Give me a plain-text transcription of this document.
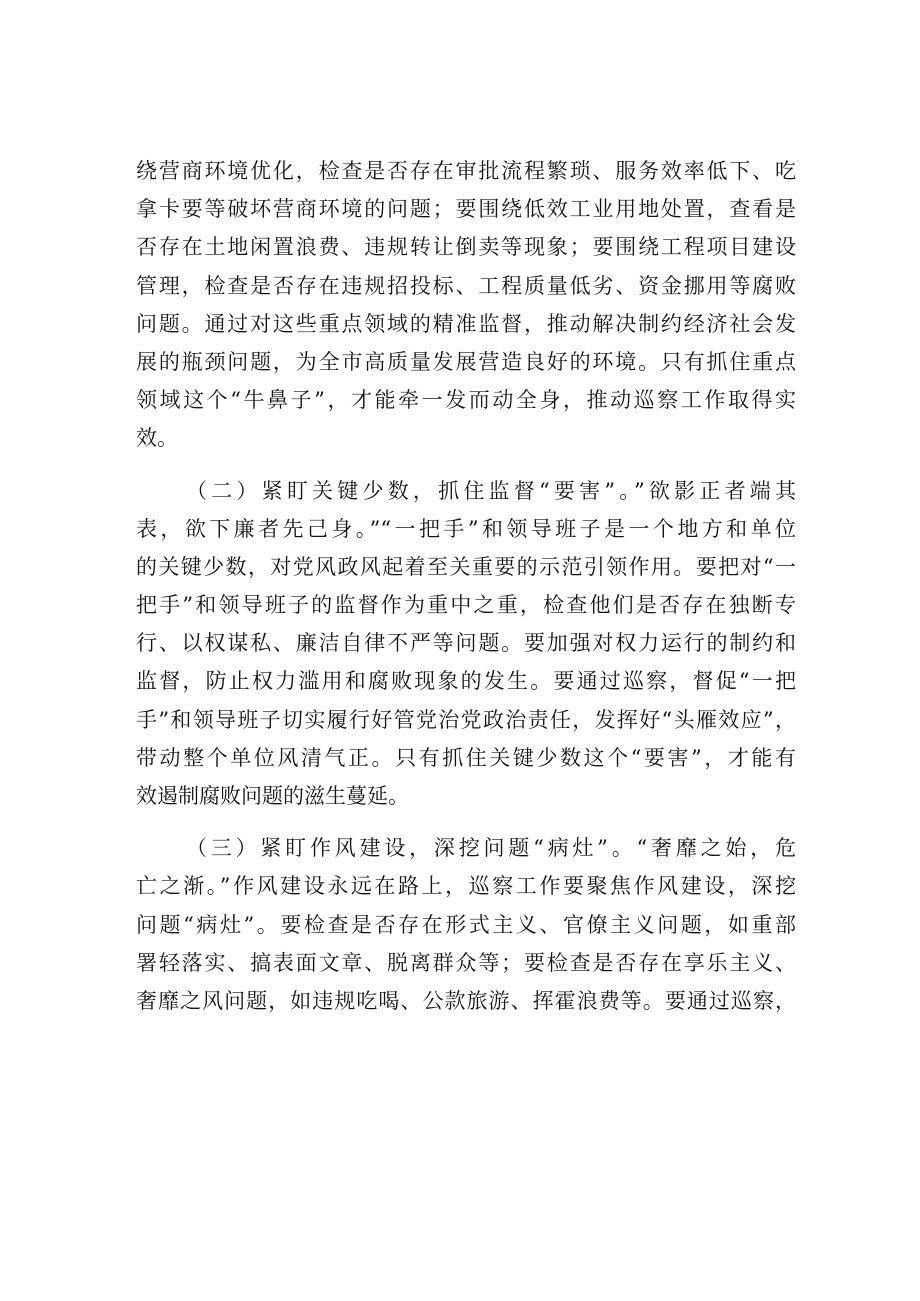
绕营商环境优化，检查是否存在审批流程繁琐、服务效率低下、吃
拿卡要等破坏营商环境的问题；要围绕低效工业用地处置，查看是
否存在土地闲置浪费、违规转让倒卖等现象；要围绕工程项目建设
管理，检查是否存在违规招投标、工程质量低劣、资金挪用等腐败
问题。通过对这些重点领域的精准监督，推动解决制约经济社会发
展的瓶颈问题，为全市高质量发展营造良好的环境。只有抓住重点
领域这个“牛鼻子”，才能牵一发而动全身，推动巡察工作取得实
效。
（二）紧盯关键少数，抓住监督“要害”。”欲影正者端其
表，欲下廉者先己身。”“一把手”和领导班子是一个地方和单位
的关键少数，对党风政风起着至关重要的示范引领作用。要把对“一
把手”和领导班子的监督作为重中之重，检查他们是否存在独断专
行、以权谋私、廉洁自律不严等问题。要加强对权力运行的制约和
监督，防止权力滥用和腐败现象的发生。要通过巡察，督促“一把
手”和领导班子切实履行好管党治党政治责任，发挥好“头雁效应”，
带动整个单位风清气正。只有抓住关键少数这个“要害”，才能有
效遏制腐败问题的滋生蔓延。
（三）紧盯作风建设，深挖问题“病灶”。“奢靡之始，危
亡之渐。”作风建设永远在路上，巡察工作要聚焦作风建设，深挖
问题“病灶”。要检查是否存在形式主义、官僚主义问题，如重部
署轻落实、搞表面文章、脱离群众等；要检查是否存在享乐主义、
奢靡之风问题，如违规吃喝、公款旅游、挥霍浪费等。要通过巡察，
